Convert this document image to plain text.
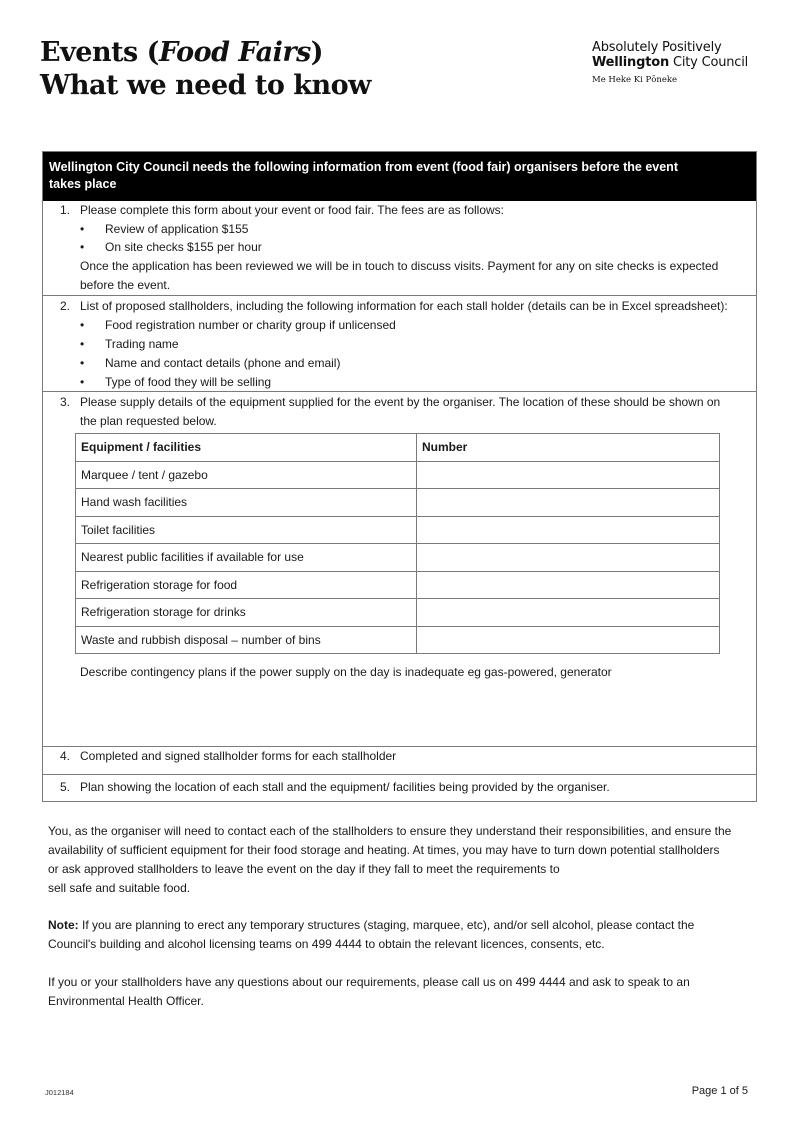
Events (Food Fairs)
What we need to know
Absolutely Positively
Wellington City Council
Me Heke Ki Pōneke
Wellington City Council needs the following information from event (food fair) organisers before the event
takes place
1. Please complete this form about your event or food fair. The fees are as follows:
• Review of application $155
• On site checks $155 per hour
Once the application has been reviewed we will be in touch to discuss visits. Payment for any on site checks is expected
before the event.
2. List of proposed stallholders, including the following information for each stall holder (details can be in Excel spreadsheet):
• Food registration number or charity group if unlicensed
• Trading name
• Name and contact details (phone and email)
• Type of food they will be selling
3. Please supply details of the equipment supplied for the event by the organiser. The location of these should be shown on
the plan requested below.
Equipment / facilities	Number
Marquee / tent / gazebo	
Hand wash facilities	
Toilet facilities	
Nearest public facilities if available for use	
Refrigeration storage for food	
Refrigeration storage for drinks	
Waste and rubbish disposal – number of bins	
Describe contingency plans if the power supply on the day is inadequate eg gas-powered, generator
4. Completed and signed stallholder forms for each stallholder
5. Plan showing the location of each stall and the equipment/ facilities being provided by the organiser.

You, as the organiser will need to contact each of the stallholders to ensure they understand their responsibilities, and ensure the
availability of sufficient equipment for their food storage and heating. At times, you may have to turn down potential stallholders
or ask approved stallholders to leave the event on the day if they fall to meet the requirements to
sell safe and suitable food.

Note: If you are planning to erect any temporary structures (staging, marquee, etc), and/or sell alcohol, please contact the
Council's building and alcohol licensing teams on 499 4444 to obtain the relevant licences, consents, etc.

If you or your stallholders have any questions about our requirements, please call us on 499 4444 and ask to speak to an
Environmental Health Officer.

J012184	Page 1 of 5
